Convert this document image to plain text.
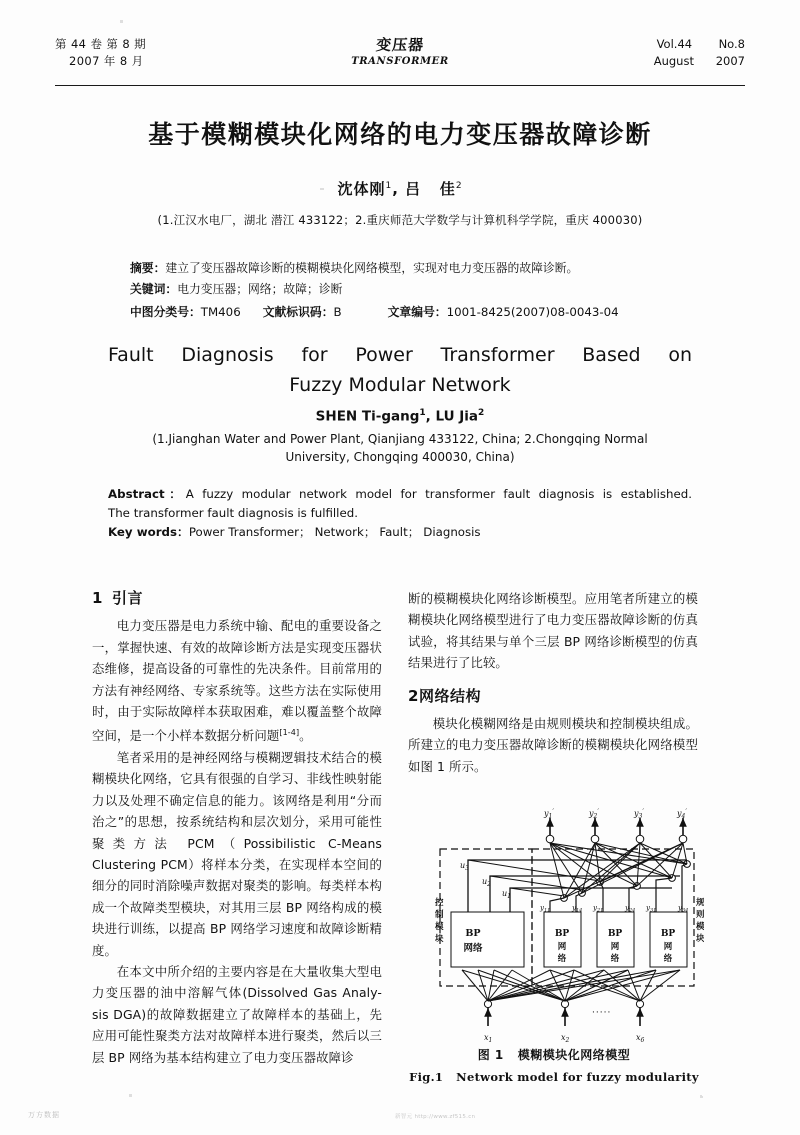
第 44 卷 第 8 期
2007 年 8 月
变压器
TRANSFORMER
Vol.44	No.8
August	2007
基于模糊模块化网络的电力变压器故障诊断
沈体刚$^1$, 吕 佳$^2$
(1.江汉水电厂，湖北 潜江 433122；2.重庆师范大学数学与计算机科学学院，重庆 400030)
摘要：建立了变压器故障诊断的模糊模块化网络模型，实现对电力变压器的故障诊断。
关键词：电力变压器；网络；故障；诊断
中图分类号：TM406 文献标识码：B	文章编号：1001-8425(2007)08-0043-04
Fault Diagnosis for Power Transformer Based on
Fuzzy Modular Network
SHEN Ti-gang$^1$, LU Jia$^2$
(1.Jianghan Water and Power Plant, Qianjiang 433122, China; 2.Chongqing Normal
University, Chongqing 400030, China)
Abstract：A fuzzy modular network model for transformer fault diagnosis is established.
The transformer fault diagnosis is fulfilled.
Key words：Power Transformer； Network； Fault； Diagnosis
1 引言

电力变压器是电力系统中输、配电的重要设备之一，掌握快速、有效的故障诊断方法是实现变压器状态维修，提高设备的可靠性的先决条件。目前常用的方法有神经网络、专家系统等。这些方法在实际使用时，由于实际故障样本获取困难，难以覆盖整个故障空间，是一个小样本数据分析问题[1-4]。

笔者采用的是神经网络与模糊逻辑技术结合的模糊模块化网络，它具有很强的自学习、非线性映射能力以及处理不确定信息的能力。该网络是利用“分而治之”的思想，按系统结构和层次划分，采用可能性聚类方法 PCM（Possibilistic C-Means Clustering PCM）将样本分类，在实现样本空间的细分的同时消除噪声数据对聚类的影响。每类样本构成一个故障类型模块，对其用三层 BP 网络构成的模块进行训练，以提高 BP 网络学习速度和故障诊断精度。

在本文中所介绍的主要内容是在大量收集大型电力变压器的油中溶解气体(Dissolved Gas Analy-sis DGA)的故障数据建立了故障样本的基础上，先应用可能性聚类方法对故障样本进行聚类，然后以三层 BP 网络为基本结构建立了电力变压器故障诊

断的模糊模块化网络诊断模型。应用笔者所建立的模糊模块化网络模型进行了电力变压器故障诊断的仿真试验，将其结果与单个三层 BP 网络诊断模型的仿真结果进行了比较。

2网络结构

模块化模糊网络是由规则模块和控制模块组成。所建立的电力变压器故障诊断的模糊模块化网络模型如图 1 所示。

BP
网络
BP
网
络
BP
网
络
BP
网
络
控
制
模
块
规
则
模
块
$u_3$
$u_2$
$u_1$
$y_1'$	$y_2'$	$y_3'$	$y_4'$
$y_{11}$	$y_{14}$ $y_{21}$	$y_{24}$ $y_{31}$	$y_{34}$
$x_1$	$x_2$	$x_6$
·····
图 1 模糊模块化网络模型
Fig.1 Network model for fuzzy modularity
万方数据	新智元 http://www.zf515.cn
